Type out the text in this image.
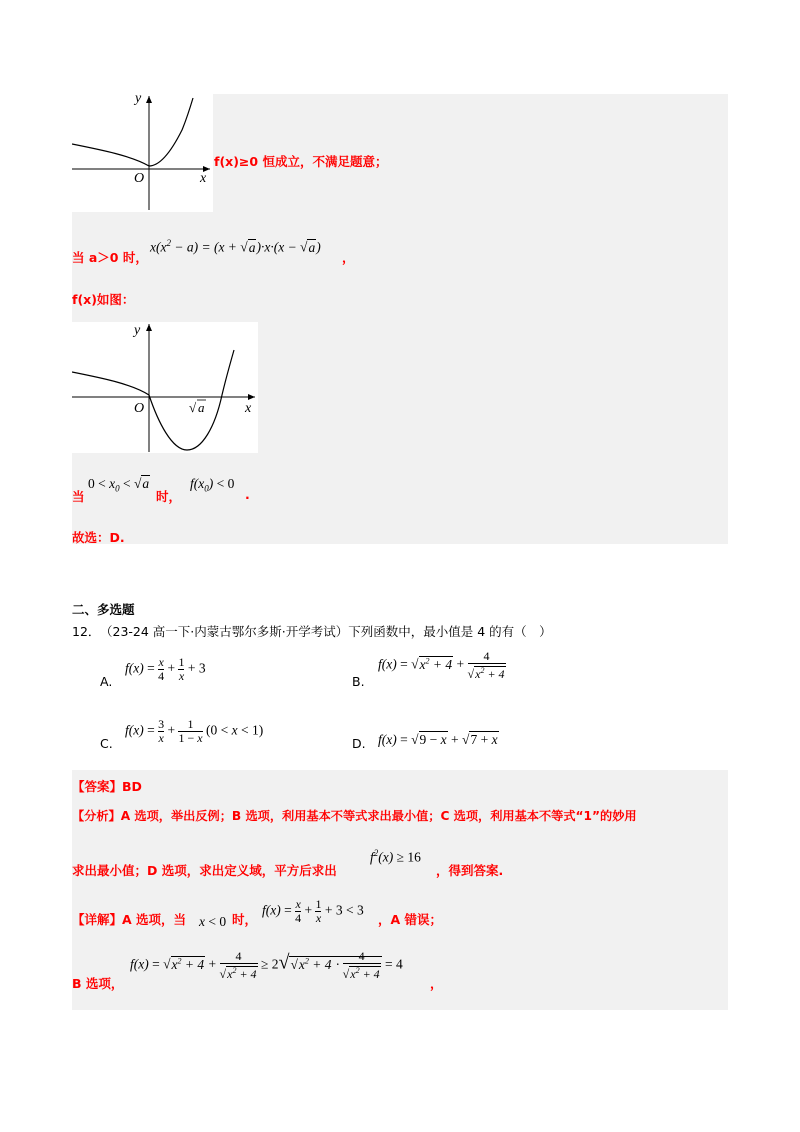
y
x
O
f(x)≥0 恒成立，不满足题意；
当 a＞0 时，
$x(x^2 - a) = (x + √a)\cdot x\cdot(x - √a)$
，
f(x)如图：
y
x
O	√ a
当
$0 < x_0 < √a$
时，
$f(x_0) < 0$
.
故选：D.
二、多选题
12． （23-24 高一下·内蒙古鄂尔多斯·开学考试）下列函数中，最小值是 4 的有（　）
A.
$f(x) = \frac{x}{4} + \frac{1}{x} + 3$
B.
$f(x) = √x^2 + 4 + \frac{4}{√x^2 + 4}$
C.
$f(x) = \frac{3}{x} + \frac{1}{1 - x} (0 < x < 1)$
D. f(x) = √9 − x + √7 + x
【答案】BD
【分析】A 选项，举出反例；B 选项，利用基本不等式求出最小值；C 选项，利用基本不等式“1”的妙用
求出最小值；D 选项，求出定义域，平方后求出
$f^2(x) \ge 16$
，得到答案.
【详解】A 选项，当 x < 0 时，
$f(x) = \frac{x}{4} + \frac{1}{x} + 3 < 3$
，A 错误；
B 选项，
$f(x) = √x^2 + 4 + \frac{4}{√x^2 + 4} \ge 2√√x^2 + 4 \cdot \frac{4}{√x^2 + 4} = 4$
，
